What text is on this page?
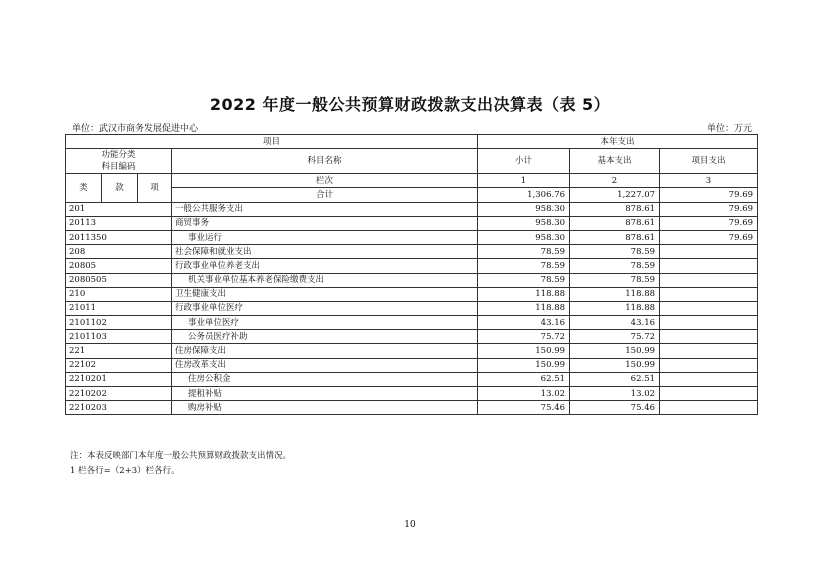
2022 年度一般公共预算财政拨款支出决算表（表 5）
单位：武汉市商务发展促进中心	单位：万元
项目				本年支出		

功能分类
科目编码			科目名称	小计	基本支出	项目支出
类	款	项	栏次	1	2	3
			合计	1,306.76	1,227.07	79.69
201			一般公共服务支出	958.30	878.61	79.69
20113			商贸事务	958.30	878.61	79.69
2011350			事业运行	958.30	878.61	79.69
208			社会保障和就业支出	78.59	78.59	
20805			行政事业单位养老支出	78.59	78.59	
2080505			机关事业单位基本养老保险缴费支出	78.59	78.59	
210			卫生健康支出	118.88	118.88	
21011			行政事业单位医疗	118.88	118.88	
2101102			事业单位医疗	43.16	43.16	
2101103			公务员医疗补助	75.72	75.72	
221			住房保障支出	150.99	150.99	
22102			住房改革支出	150.99	150.99	
2210201			住房公积金	62.51	62.51	
2210202			提租补贴	13.02	13.02	
2210203			购房补贴	75.46	75.46	
注：本表反映部门本年度一般公共预算财政拨款支出情况。
1 栏各行=（2+3）栏各行。
10
